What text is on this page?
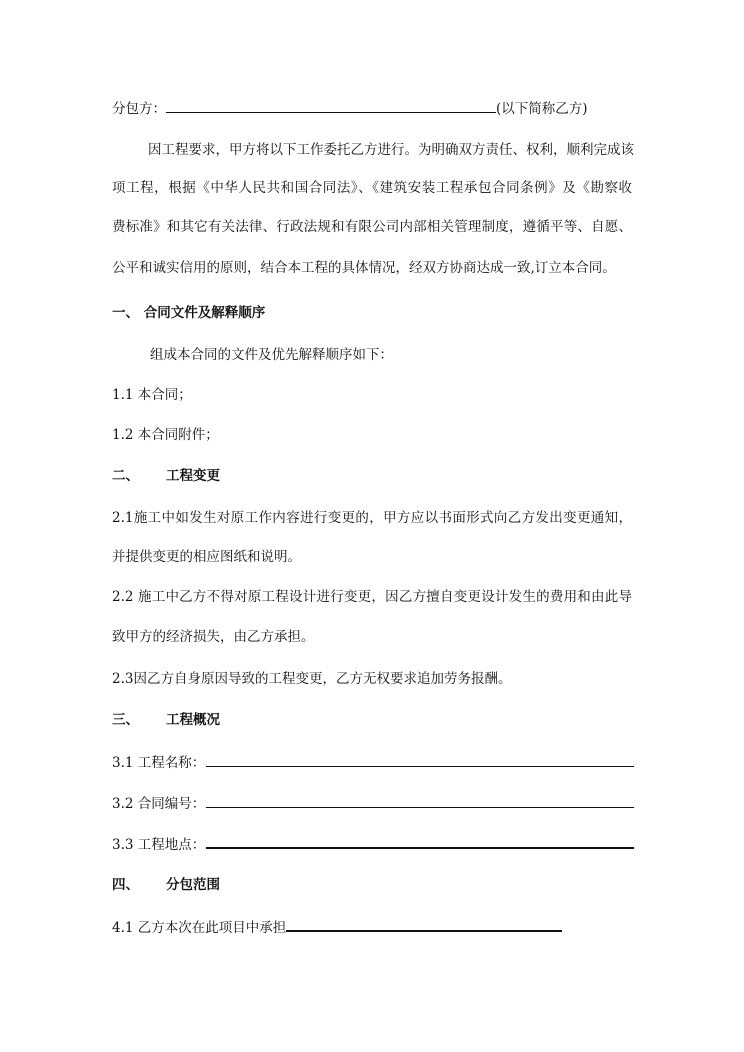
分包方：	(以下简称乙方)
因工程要求，甲方将以下工作委托乙方进行。为明确双方责任、权利，顺利完成该
项工程，根据《中华人民共和国合同法》、《建筑安装工程承包合同条例》及《勘察收
费标准》和其它有关法律、行政法规和有限公司内部相关管理制度，遵循平等、自愿、
公平和诚实信用的原则，结合本工程的具体情况，经双方协商达成一致,订立本合同。
一、 合同文件及解释顺序
组成本合同的文件及优先解释顺序如下：
1.1 本合同；
1.2 本合同附件；
二、 工程变更
2.1施工中如发生对原工作内容进行变更的，甲方应以书面形式向乙方发出变更通知，
并提供变更的相应图纸和说明。
2.2 施工中乙方不得对原工程设计进行变更，因乙方擅自变更设计发生的费用和由此导
致甲方的经济损失，由乙方承担。
2.3因乙方自身原因导致的工程变更，乙方无权要求追加劳务报酬。
三、 工程概况
3.1 工程名称：
3.2 合同编号：
3.3 工程地点：
四、 分包范围
4.1 乙方本次在此项目中承担
